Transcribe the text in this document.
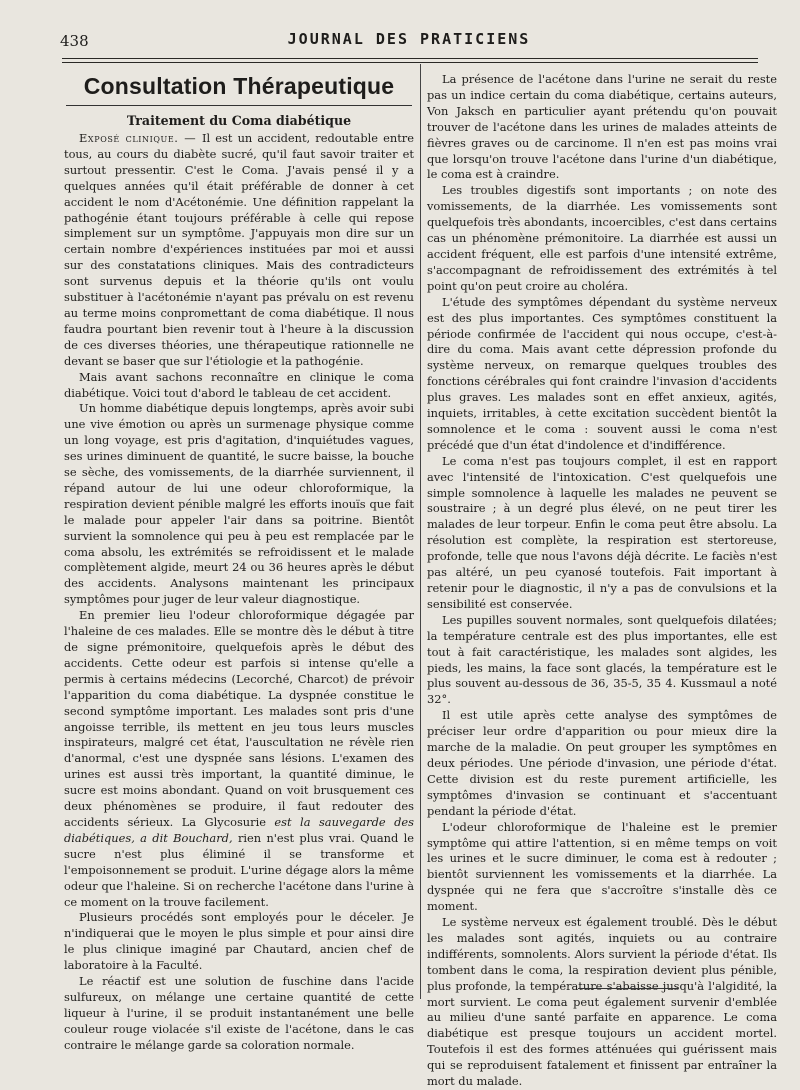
438	JOURNAL DES PRATICIENS
Consultation Thérapeutique
Traitement du Coma diabétique

Exposé clinique. — Il est un accident, redoutable entre tous, au cours du diabète sucré, qu'il faut savoir traiter et surtout pressentir. C'est le Coma. J'avais pensé il y a quelques années qu'il était préférable de donner à cet accident le nom d'Acétonémie. Une définition rappelant la pathogénie étant toujours préférable à celle qui repose simplement sur un symptôme. J'appuyais mon dire sur un certain nombre d'expériences instituées par moi et aussi sur des constatations cliniques. Mais des contradicteurs sont survenus depuis et la théorie qu'ils ont voulu substituer à l'acétonémie n'ayant pas prévalu on est revenu au terme moins conpromettant de coma diabétique. Il nous faudra pourtant bien revenir tout à l'heure à la discussion de ces diverses théories, une thérapeutique rationnelle ne devant se baser que sur l'étiologie et la pathogénie.

Mais avant sachons reconnaître en clinique le coma diabétique. Voici tout d'abord le tableau de cet accident.

Un homme diabétique depuis longtemps, après avoir subi une vive émotion ou après un surmenage physique comme un long voyage, est pris d'agitation, d'inquiétudes vagues, ses urines diminuent de quantité, le sucre baisse, la bouche se sèche, des vomissements, de la diarrhée surviennent, il répand autour de lui une odeur chloroformique, la respiration devient pénible malgré les efforts inouïs que fait le malade pour appeler l'air dans sa poitrine. Bientôt survient la somnolence qui peu à peu est remplacée par le coma absolu, les extrémités se refroidissent et le malade complètement algide, meurt 24 ou 36 heures après le début des accidents. Analysons maintenant les principaux symptômes pour juger de leur valeur diagnostique.

En premier lieu l'odeur chloroformique dégagée par l'haleine de ces malades. Elle se montre dès le début à titre de signe prémonitoire, quelquefois après le début des accidents. Cette odeur est parfois si intense qu'elle a permis à certains médecins (Lecorché, Charcot) de prévoir l'apparition du coma diabétique. La dyspnée constitue le second symptôme important. Les malades sont pris d'une angoisse terrible, ils mettent en jeu tous leurs muscles inspirateurs, malgré cet état, l'auscultation ne révèle rien d'anormal, c'est une dyspnée sans lésions. L'examen des urines est aussi très important, la quantité diminue, le sucre est moins abondant. Quand on voit brusquement ces deux phénomènes se produire, il faut redouter des accidents sérieux. La Glycosurie est la sauvegarde des diabétiques, a dit Bouchard, rien n'est plus vrai. Quand le sucre n'est plus éliminé il se transforme et l'empoisonnement se produit. L'urine dégage alors la même odeur que l'haleine. Si on recherche l'acétone dans l'urine à ce moment on la trouve facilement.

Plusieurs procédés sont employés pour le déceler. Je n'indiquerai que le moyen le plus simple et pour ainsi dire le plus clinique imaginé par Chautard, ancien chef de laboratoire à la Faculté.

Le réactif est une solution de fuschine dans l'acide sulfureux, on mélange une certaine quantité de cette liqueur à l'urine, il se produit instantanément une belle couleur rouge violacée s'il existe de l'acétone, dans le cas contraire le mélange garde sa coloration normale.

La présence de l'acétone dans l'urine ne serait du reste pas un indice certain du coma diabétique, certains auteurs, Von Jaksch en particulier ayant prétendu qu'on pouvait trouver de l'acétone dans les urines de malades atteints de fièvres graves ou de carcinome. Il n'en est pas moins vrai que lorsqu'on trouve l'acétone dans l'urine d'un diabétique, le coma est à craindre.

Les troubles digestifs sont importants ; on note des vomissements, de la diarrhée. Les vomissements sont quelquefois très abondants, incoercibles, c'est dans certains cas un phénomène prémonitoire. La diarrhée est aussi un accident fréquent, elle est parfois d'une intensité extrême, s'accompagnant de refroidissement des extrémités à tel point qu'on peut croire au choléra.

L'étude des symptômes dépendant du système nerveux est des plus importantes. Ces symptômes constituent la période confirmée de l'accident qui nous occupe, c'est-à-dire du coma. Mais avant cette dépression profonde du système nerveux, on remarque quelques troubles des fonctions cérébrales qui font craindre l'invasion d'accidents plus graves. Les malades sont en effet anxieux, agités, inquiets, irritables, à cette excitation succèdent bientôt la somnolence et le coma : souvent aussi le coma n'est précédé que d'un état d'indolence et d'indifférence.

Le coma n'est pas toujours complet, il est en rapport avec l'intensité de l'intoxication. C'est quelquefois une simple somnolence à laquelle les malades ne peuvent se soustraire ; à un degré plus élevé, on ne peut tirer les malades de leur torpeur. Enfin le coma peut être absolu. La résolution est complète, la respiration est stertoreuse, profonde, telle que nous l'avons déjà décrite. Le faciès n'est pas altéré, un peu cyanosé toutefois. Fait important à retenir pour le diagnostic, il n'y a pas de convulsions et la sensibilité est conservée.

Les pupilles souvent normales, sont quelquefois dilatées; la température centrale est des plus importantes, elle est tout à fait caractéristique, les malades sont algides, les pieds, les mains, la face sont glacés, la température est le plus souvent au-dessous de 36, 35-5, 35 4. Kussmaul a noté 32°.

Il est utile après cette analyse des symptômes de préciser leur ordre d'apparition ou pour mieux dire la marche de la maladie. On peut grouper les symptômes en deux périodes. Une période d'invasion, une période d'état. Cette division est du reste purement artificielle, les symptômes d'invasion se continuant et s'accentuant pendant la période d'état.

L'odeur chloroformique de l'haleine est le premier symptôme qui attire l'attention, si en même temps on voit les urines et le sucre diminuer, le coma est à redouter ; bientôt surviennent les vomissements et la diarrhée. La dyspnée qui ne fera que s'accroître s'installe dès ce moment.

Le système nerveux est également troublé. Dès le début les malades sont agités, inquiets ou au contraire indifférents, somnolents. Alors survient la période d'état. Ils tombent dans le coma, la respiration devient plus pénible, plus profonde, la température s'abaisse jusqu'à l'algidité, la mort survient. Le coma peut également survenir d'emblée au milieu d'une santé parfaite en apparence. Le coma diabétique est presque toujours un accident mortel. Toutefois il est des formes atténuées qui guérissent mais qui se reproduisent fatalement et finissent par entraîner la mort du malade.
